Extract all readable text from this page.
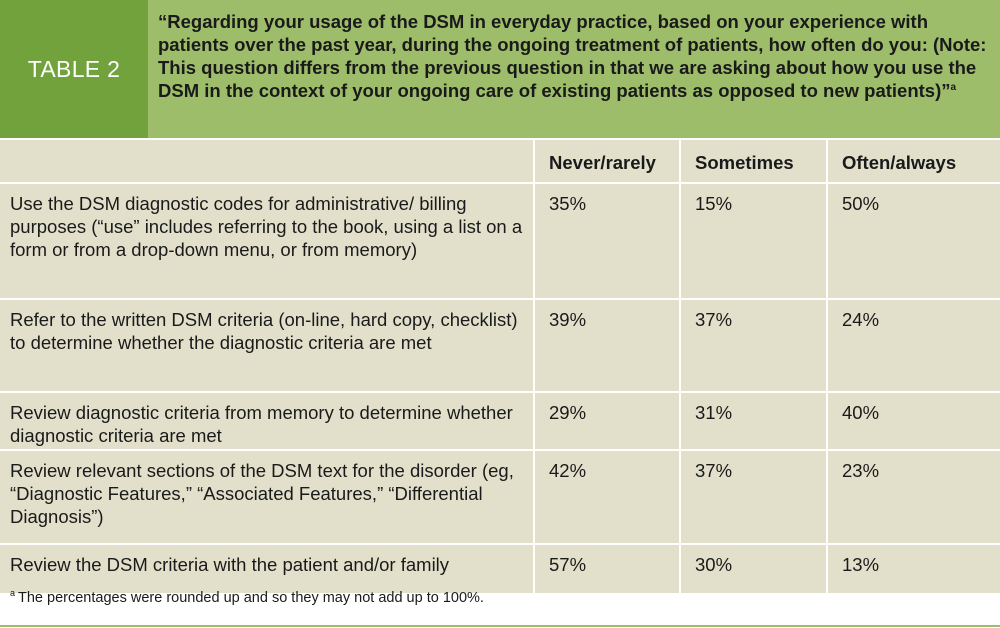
TABLE 2
“Regarding your usage of the DSM in everyday practice, based on your experience with patients over the past year, during the ongoing treatment of patients, how often do you: (Note: This question differs from the previous question in that we are asking about how you use the DSM in the context of your ongoing care of existing patients as opposed to new patients)”$^a$
	Never/rarely	Sometimes	Often/always
Use the DSM diagnostic codes for administrative/ billing purposes (“use” includes referring to the book, using a list on a form or from a drop-down menu, or from memory)	35%	15%	50%
Refer to the written DSM criteria (on-line, hard copy, checklist) to determine whether the diagnostic criteria are met	39%	37%	24%
Review diagnostic criteria from memory to determine whether diagnostic criteria are met	29%	31%	40%
Review relevant sections of the DSM text for the disorder (eg, “Diagnostic Features,” “Associated Features,” “Differential Diagnosis”)	42%	37%	23%
Review the DSM criteria with the patient and/or family	57%	30%	13%
$^a$ The percentages were rounded up and so they may not add up to 100%.
